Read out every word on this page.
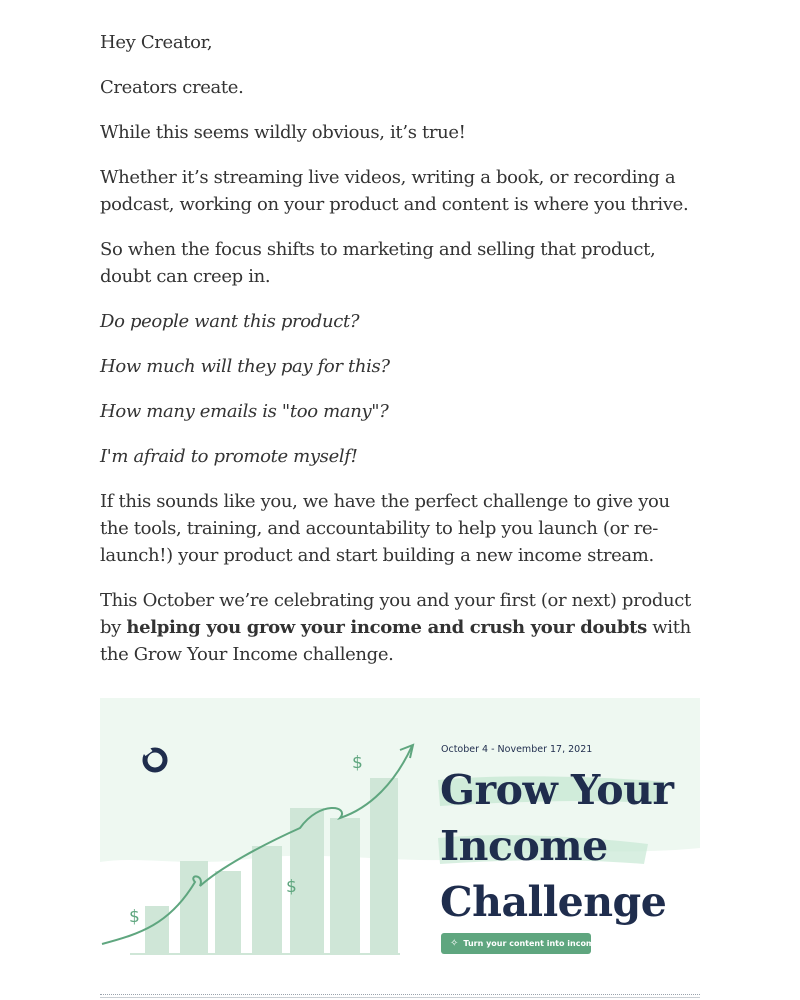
Hey Creator,

Creators create.

While this seems wildly obvious, it’s true!

Whether it’s streaming live videos, writing a book, or recording a podcast, working on your product and content is where you thrive.

So when the focus shifts to marketing and selling that product, doubt can creep in.

Do people want this product?

How much will they pay for this?

How many emails is "too many"?

I'm afraid to promote myself!

If this sounds like you, we have the perfect challenge to give you the tools, training, and accountability to help you launch (or re-launch!) your product and start building a new income stream.

This October we’re celebrating you and your first (or next) product by helping you grow your income and crush your doubts with the Grow Your Income challenge.

$
$
$
October 4 - November 17, 2021
Grow Your
Income
Challenge
✧ Turn your content into income
